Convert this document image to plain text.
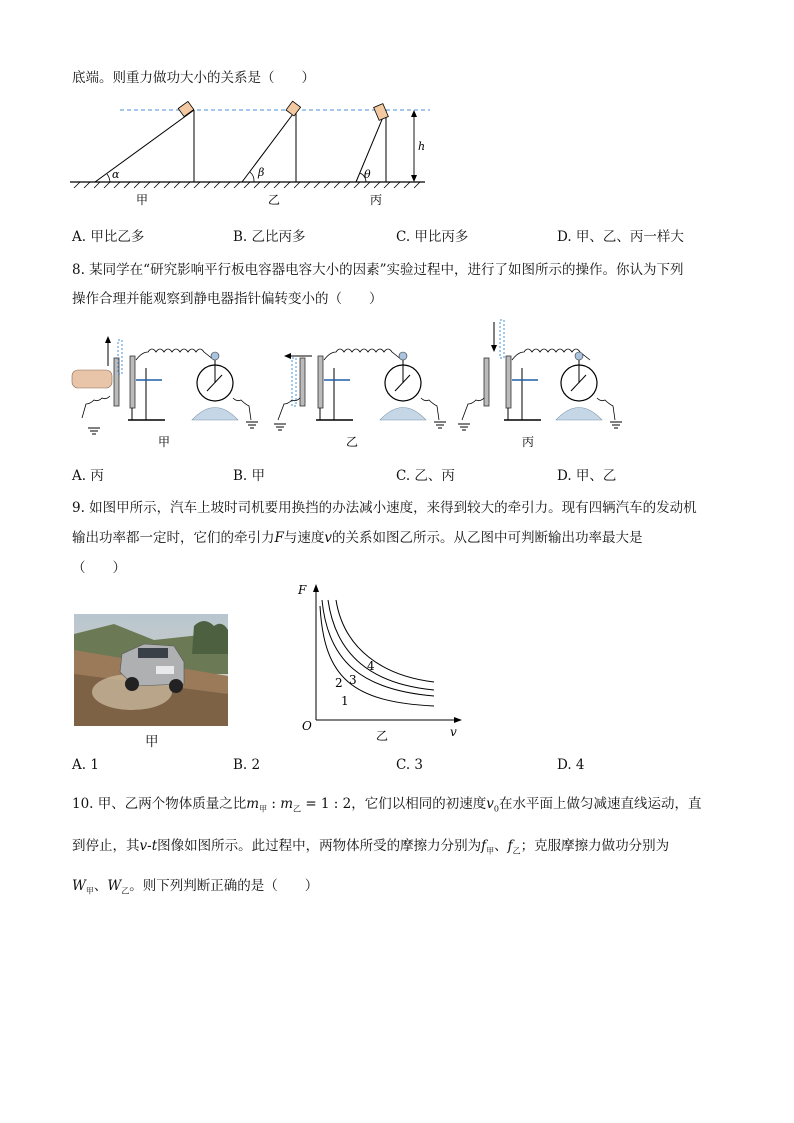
底端。则重力做功大小的关系是（　　）
h
α	β	θ
甲	乙	丙
A. 甲比乙多	B. 乙比丙多	C. 甲比丙多	D. 甲、乙、丙一样大
8. 某同学在“研究影响平行板电容器电容大小的因素”实验过程中，进行了如图所示的操作。你认为下列
操作合理并能观察到静电器指针偏转变小的（　　）
甲	乙	丙
A. 丙	B. 甲	C. 乙、丙	D. 甲、乙
9. 如图甲所示，汽车上坡时司机要用换挡的办法减小速度，来得到较大的牵引力。现有四辆汽车的发动机
输出功率都一定时，它们的牵引力F与速度v的关系如图乙所示。从乙图中可判断输出功率最大是
（　　）
甲
F
v
O
1
2 3
4
乙
A. 1	B. 2	C. 3	D. 4
10. 甲、乙两个物体质量之比$m_甲$ : $m_乙 = 1$ : 2，它们以相同的初速度$v_0$在水平面上做匀减速直线运动，直
到停止，其v-t图像如图所示。此过程中，两物体所受的摩擦力分别为$f_甲$、$f_乙$；克服摩擦力做功分别为
$W_甲$、$W_乙$。则下列判断正确的是（　　）
